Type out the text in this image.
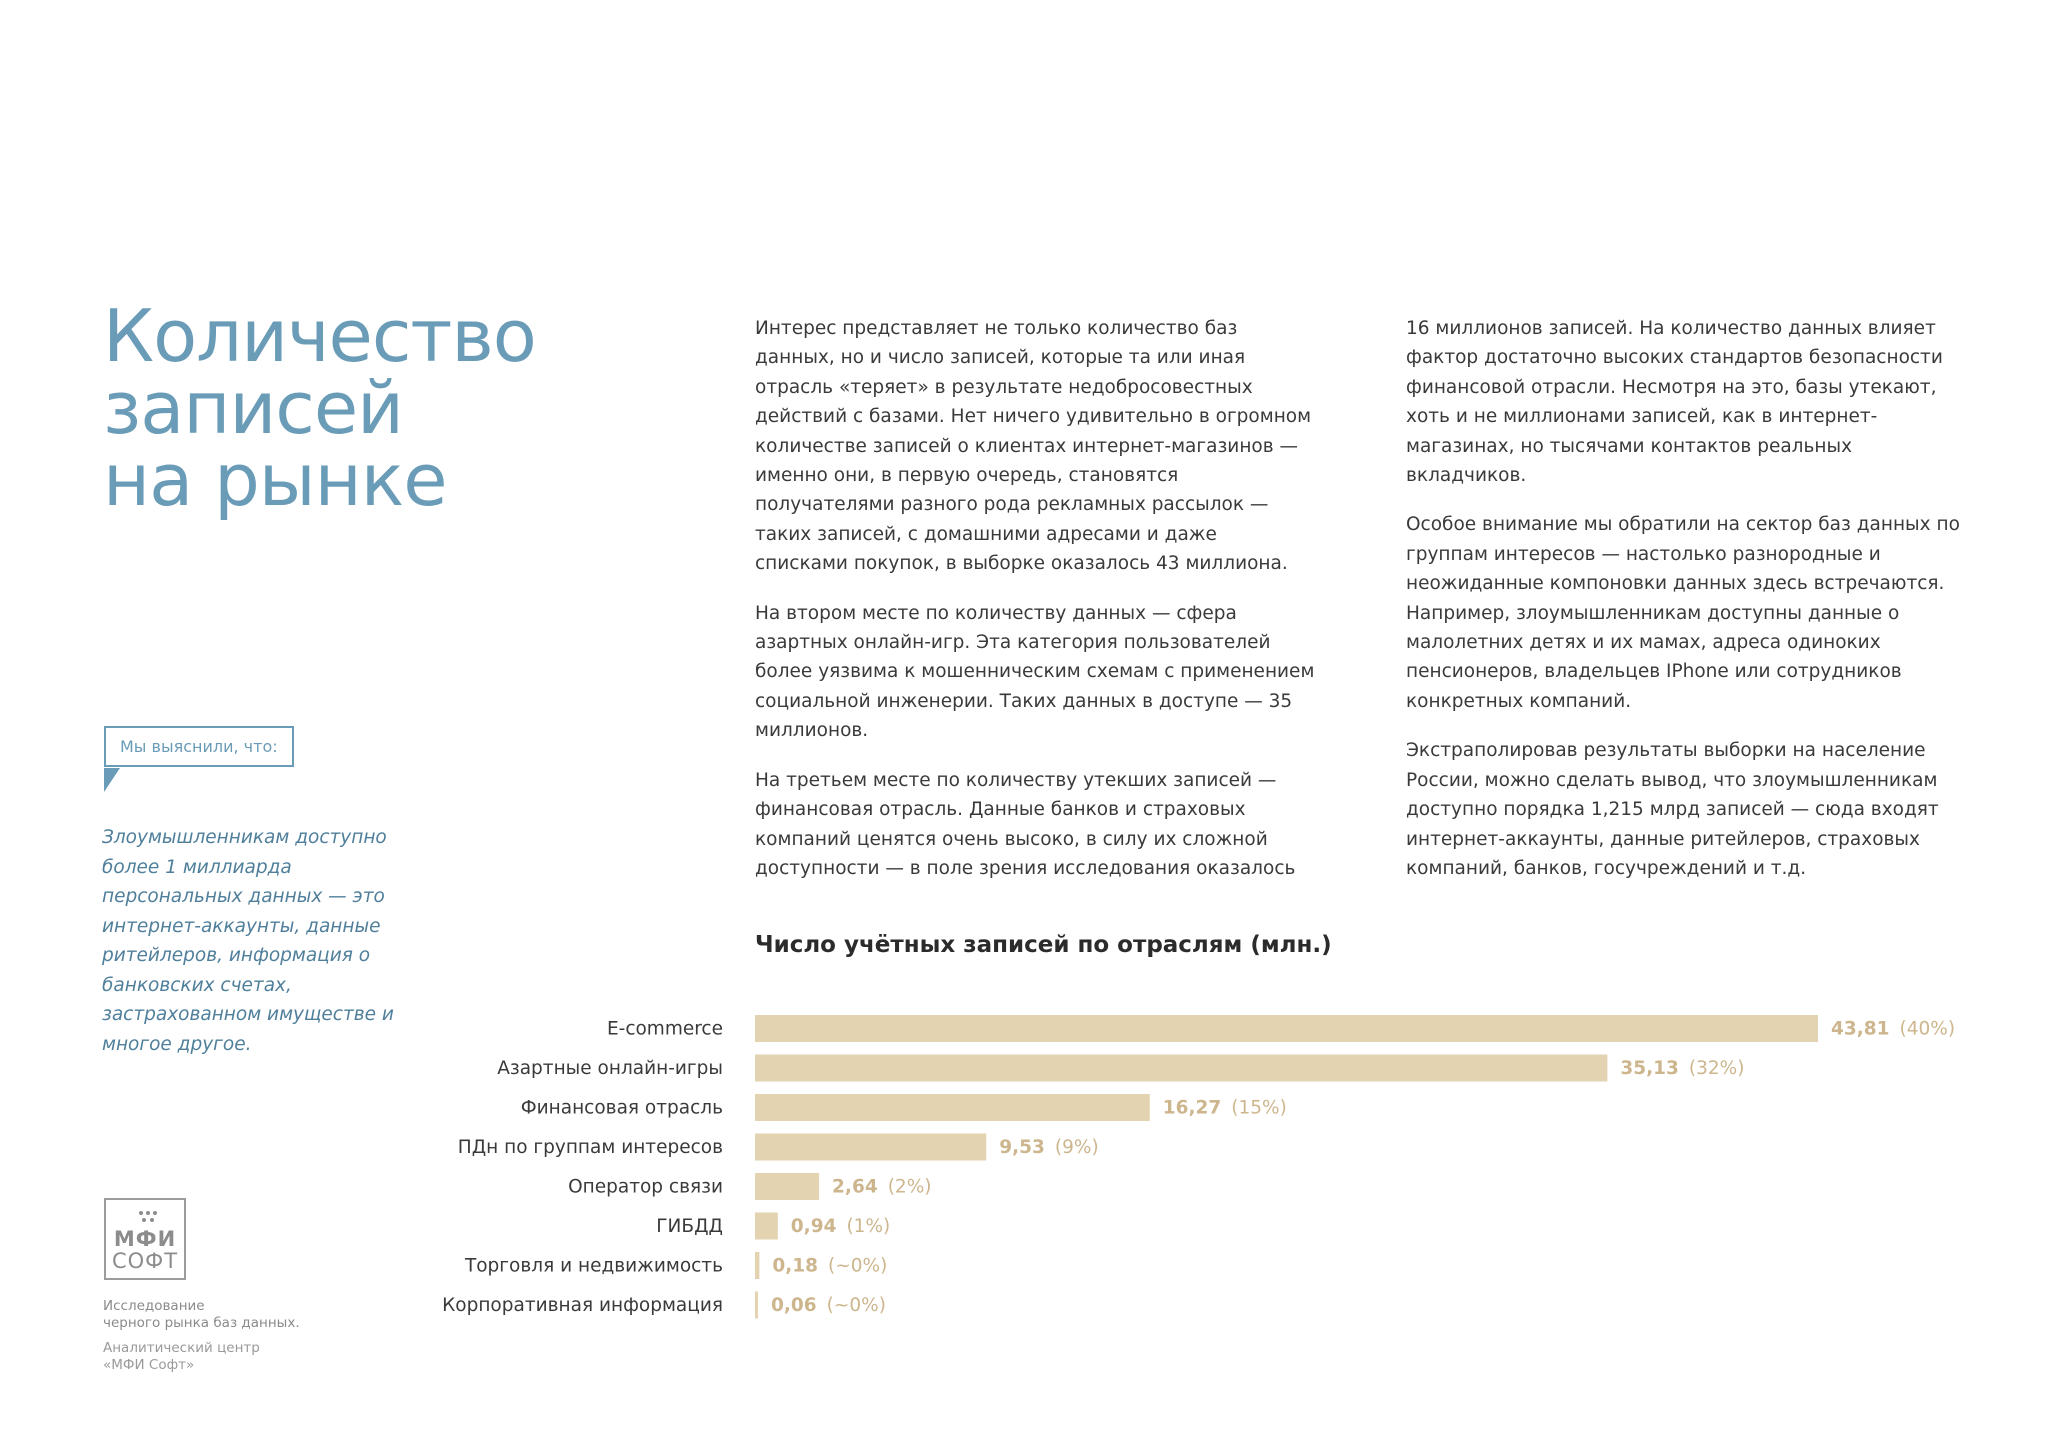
Количество
записей
на рынке
Мы выяснили, что:

Злоумышленникам доступно более 1 миллиарда персональных данных — это интернет-аккаунты, данные ритейлеров, информация о банковских счетах, застрахованном имуществе и многое другое.

МФИ
СОФТ

Исследование
черного рынка баз данных.

Аналитический центр
«МФИ Софт»

Интерес представляет не только количество баз данных, но и число записей, которые та или иная отрасль «теряет» в результате недобросовестных действий с базами. Нет ничего удивительно в огромном количестве записей о клиентах интернет-магазинов — именно они, в первую очередь, становятся получателями разного рода рекламных рассылок — таких записей, с домашними адресами и даже списками покупок, в выборке оказалось 43 миллиона.

На втором месте по количеству данных — сфера азартных онлайн-игр. Эта категория пользователей более уязвима к мошенническим схемам с применением социальной инженерии. Таких данных в доступе — 35 миллионов.

На третьем месте по количеству утекших записей — финансовая отрасль. Данные банков и страховых компаний ценятся очень высоко, в силу их сложной доступности — в поле зрения исследования оказалось

16 миллионов записей. На количество данных влияет фактор достаточно высоких стандартов безопасности финансовой отрасли. Несмотря на это, базы утекают, хоть и не миллионами записей, как в интернет-магазинах, но тысячами контактов реальных вкладчиков.

Особое внимание мы обратили на сектор баз данных по группам интересов — настолько разнородные и неожиданные компоновки данных здесь встречаются. Например, злоумышленникам доступны данные о малолетних детях и их мамах, адреса одиноких пенсионеров, владельцев IPhone или сотрудников конкретных компаний.

Экстраполировав результаты выборки на население России, можно сделать вывод, что злоумышленникам доступно порядка 1,215 млрд записей — сюда входят интернет-аккаунты, данные ритейлеров, страховых компаний, банков, госучреждений и т.д.

Число учётных записей по отраслям (млн.)
E-commerce	43,81 (40%)
Азартные онлайн-игры	35,13 (32%)
Финансовая отрасль	16,27 (15%)
ПДн по группам интересов	9,53 (9%)
Оператор связи	2,64 (2%)
ГИБДД	0,94 (1%)
Торговля и недвижимость	0,18 (~0%)
Корпоративная информация	0,06 (~0%)
